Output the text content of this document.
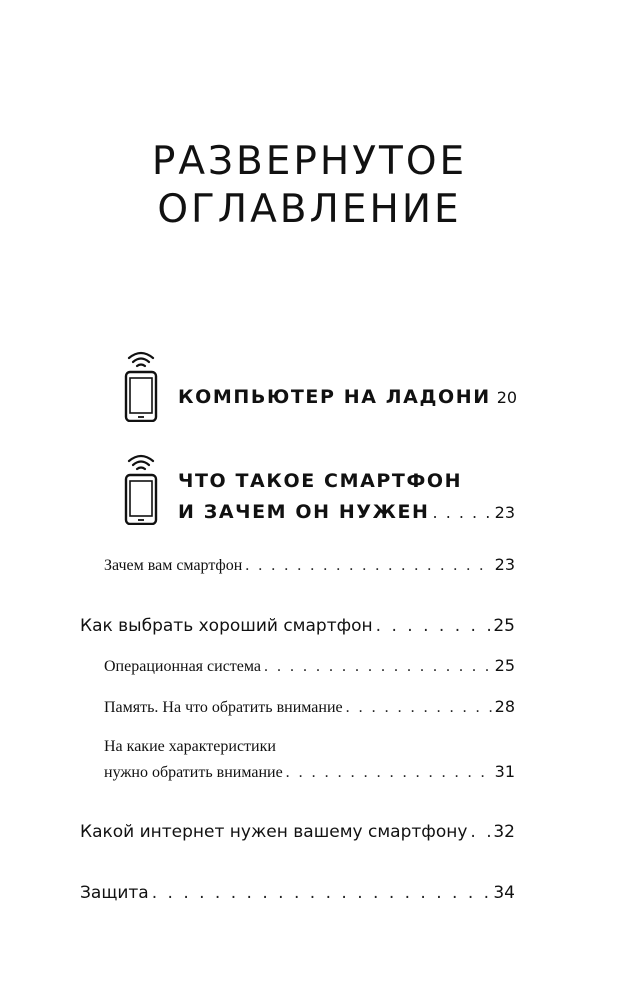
РАЗВЕРНУТОЕ
ОГЛАВЛЕНИЕ
КОМПЬЮТЕР НА ЛАДОНИ 20
ЧТО ТАКОЕ СМАРТФОН
И ЗАЧЕМ ОН НУЖЕН . . .	23
Зачем вам смартфон . . .	23
Как выбрать хороший смартфон . . .	25
Операционная система . . .	25
Память. На что обратить внимание . . .	28
На какие характеристики
нужно обратить внимание . . .	31
Какой интернет нужен вашему смартфону . . . 32
Защита . . .	34
